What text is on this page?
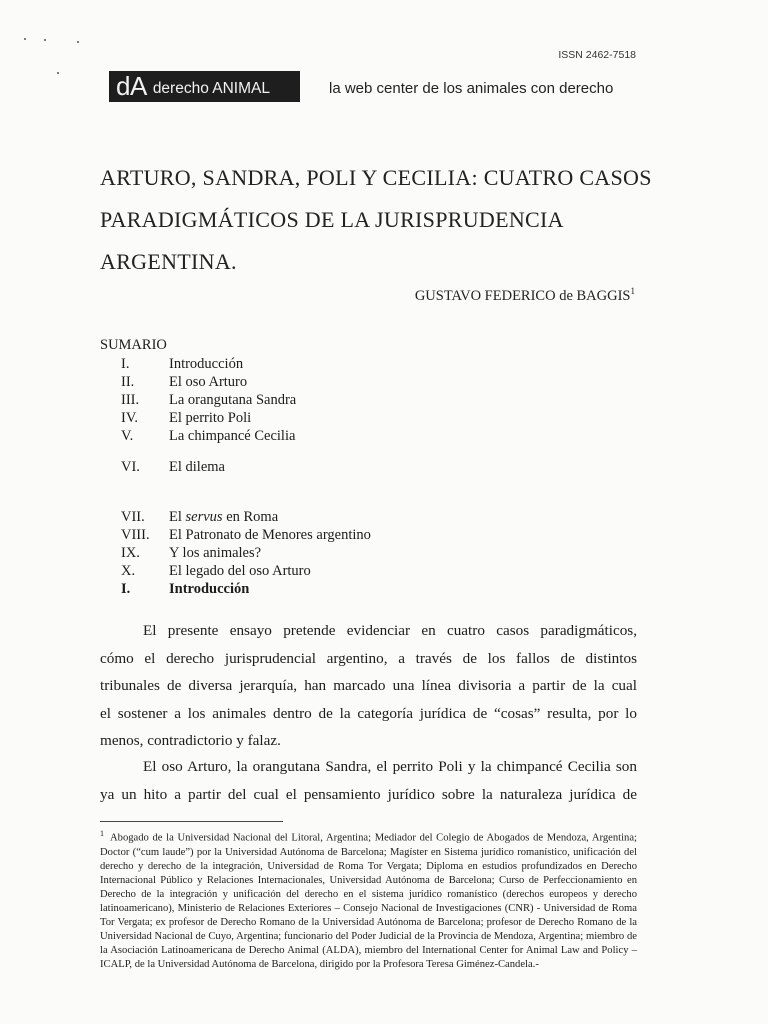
ISSN 2462-7518
dA derecho ANIMAL	la web center de los animales con derecho
ARTURO, SANDRA, POLI Y CECILIA: CUATRO CASOS
PARADIGMÁTICOS DE LA JURISPRUDENCIA
ARGENTINA.
GUSTAVO FEDERICO de BAGGIS$^1$
SUMARIO
I.	Introducción
II. El oso Arturo
III. La orangutana Sandra
IV. El perrito Poli
V. La chimpancé Cecilia
VI. El dilema
VII. El servus en Roma
VIII. El Patronato de Menores argentino
IX. Y los animales?
X. El legado del oso Arturo
I.	Introducción
El presente ensayo pretende evidenciar en cuatro casos paradigmáticos,
cómo el derecho jurisprudencial argentino, a través de los fallos de distintos
tribunales de diversa jerarquía, han marcado una línea divisoria a partir de la cual
el sostener a los animales dentro de la categoría jurídica de “cosas” resulta, por lo
menos, contradictorio y falaz.
El oso Arturo, la orangutana Sandra, el perrito Poli y la chimpancé Cecilia son
ya un hito a partir del cual el pensamiento jurídico sobre la naturaleza jurídica de
$^1$ Abogado de la Universidad Nacional del Litoral, Argentina; Mediador del Colegio de Abogados de Mendoza, Argentina; Doctor (“cum laude”) por la Universidad Autónoma de Barcelona; Magíster en Sistema jurídico romanístico, unificación del derecho y derecho de la integración, Universidad de Roma Tor Vergata; Diploma en estudios profundizados en Derecho Internacional Público y Relaciones Internacionales, Universidad Autónoma de Barcelona; Curso de Perfeccionamiento en Derecho de la integración y unificación del derecho en el sistema jurídico romanístico (derechos europeos y derecho latinoamericano), Ministerio de Relaciones Exteriores – Consejo Nacional de Investigaciones (CNR) - Universidad de Roma Tor Vergata; ex profesor de Derecho Romano de la Universidad Autónoma de Barcelona; profesor de Derecho Romano de la Universidad Nacional de Cuyo, Argentina; funcionario del Poder Judicial de la Provincia de Mendoza, Argentina; miembro de la Asociación Latinoamericana de Derecho Animal (ALDA), miembro del International Center for Animal Law and Policy – ICALP, de la Universidad Autónoma de Barcelona, dirigido por la Profesora Teresa Giménez-Candela.-
